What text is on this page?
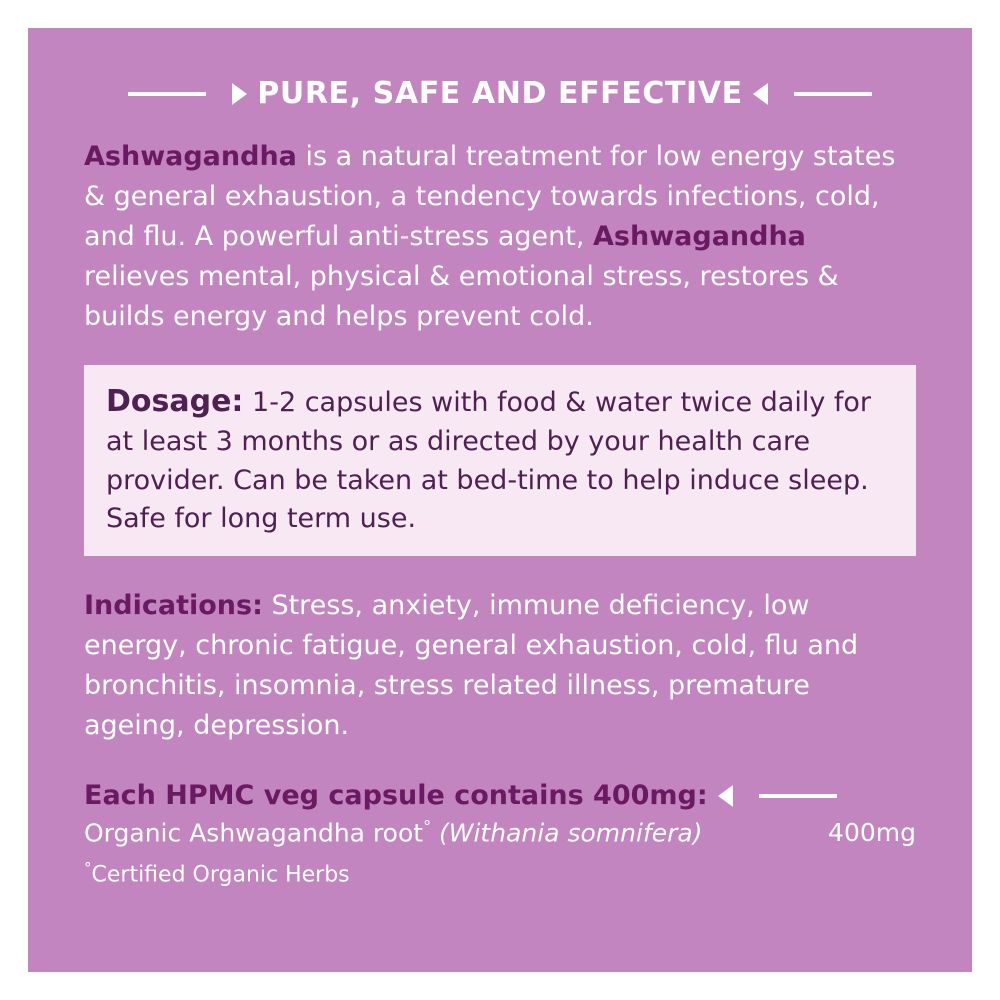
PURE, SAFE AND EFFECTIVE

Ashwagandha is a natural treatment for low energy states & general exhaustion, a tendency towards infections, cold, and flu. A powerful anti-stress agent, Ashwagandha relieves mental, physical & emotional stress, restores & builds energy and helps prevent cold.

Dosage: 1-2 capsules with food & water twice daily for at least 3 months or as directed by your health care provider. Can be taken at bed-time to help induce sleep. Safe for long term use.

Indications: Stress, anxiety, immune deficiency, low energy, chronic fatigue, general exhaustion, cold, flu and bronchitis, insomnia, stress related illness, premature ageing, depression.

Each HPMC veg capsule contains 400mg:
Organic Ashwagandha root° (Withania somnifera)	400mg

°Certified Organic Herbs
